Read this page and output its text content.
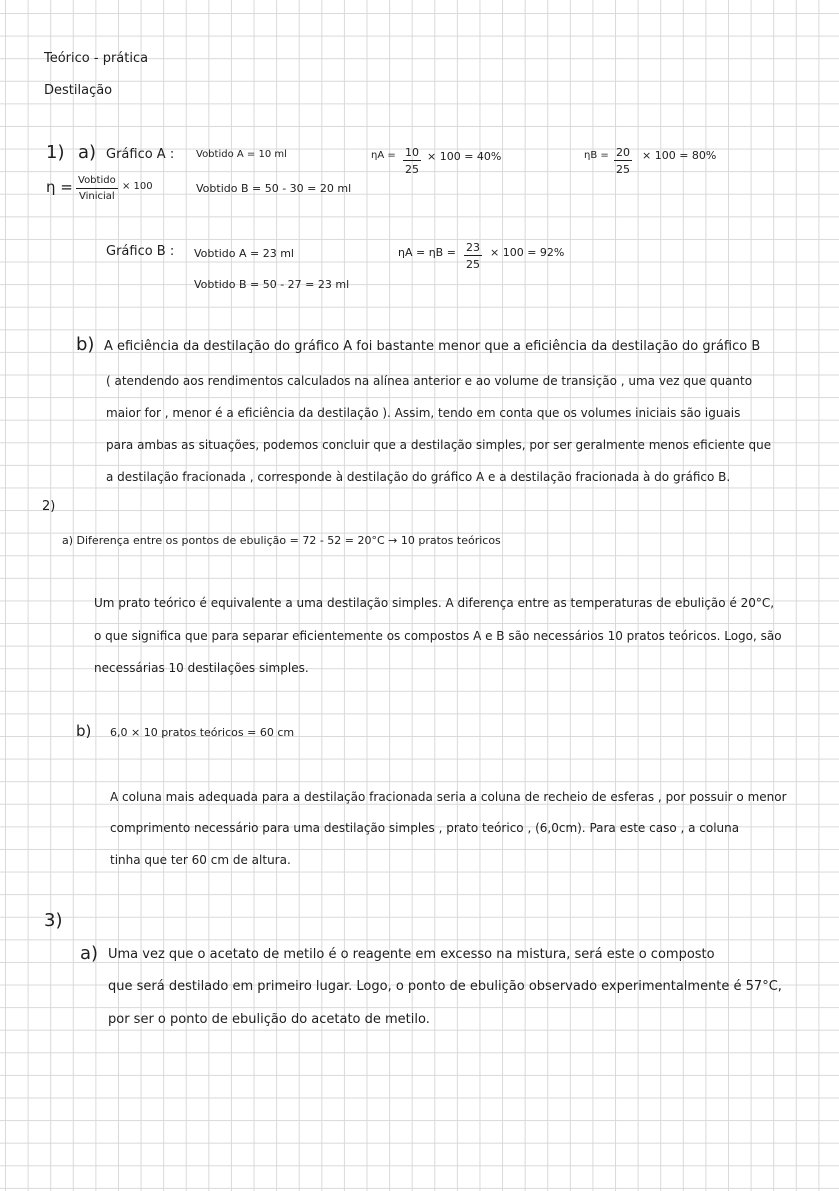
Teórico - prática
Destilação
1) a) Gráfico A :
η = Vobtido
Vinicial
× 100
Vobtido A = 10 ml
Vobtido B = 50 - 30 = 20 ml
$\eta A = \frac{10}{25} \times 100 = 40\%$	$\eta B = \frac{20}{25} \times 100 = 80\%$
Gráfico B : Vobtido A = 23 ml
Vobtido B = 50 - 27 = 23 ml
$\eta A = \eta B = \frac{23}{25} \times 100 = 92\%$
b) A eficiência da destilação do gráfico A foi bastante menor que a eficiência da destilação do gráfico B
( atendendo aos rendimentos calculados na alínea anterior e ao volume de transição , uma vez que quanto
maior for , menor é a eficiência da destilação ). Assim, tendo em conta que os volumes iniciais são iguais
para ambas as situações, podemos concluir que a destilação simples, por ser geralmente menos eficiente que
a destilação fracionada , corresponde à destilação do gráfico A e a destilação fracionada à do gráfico B.
2)
a) Diferença entre os pontos de ebulição = 72 - 52 = 20°C → 10 pratos teóricos
Um prato teórico é equivalente a uma destilação simples. A diferença entre as temperaturas de ebulição é 20°C,
o que significa que para separar eficientemente os compostos A e B são necessários 10 pratos teóricos. Logo, são
necessárias 10 destilações simples.
b) 6,0 × 10 pratos teóricos = 60 cm
A coluna mais adequada para a destilação fracionada seria a coluna de recheio de esferas , por possuir o menor
comprimento necessário para uma destilação simples , prato teórico , (6,0cm). Para este caso , a coluna
tinha que ter 60 cm de altura.
3)
a) Uma vez que o acetato de metilo é o reagente em excesso na mistura, será este o composto
que será destilado em primeiro lugar. Logo, o ponto de ebulição observado experimentalmente é 57°C,
por ser o ponto de ebulição do acetato de metilo.
